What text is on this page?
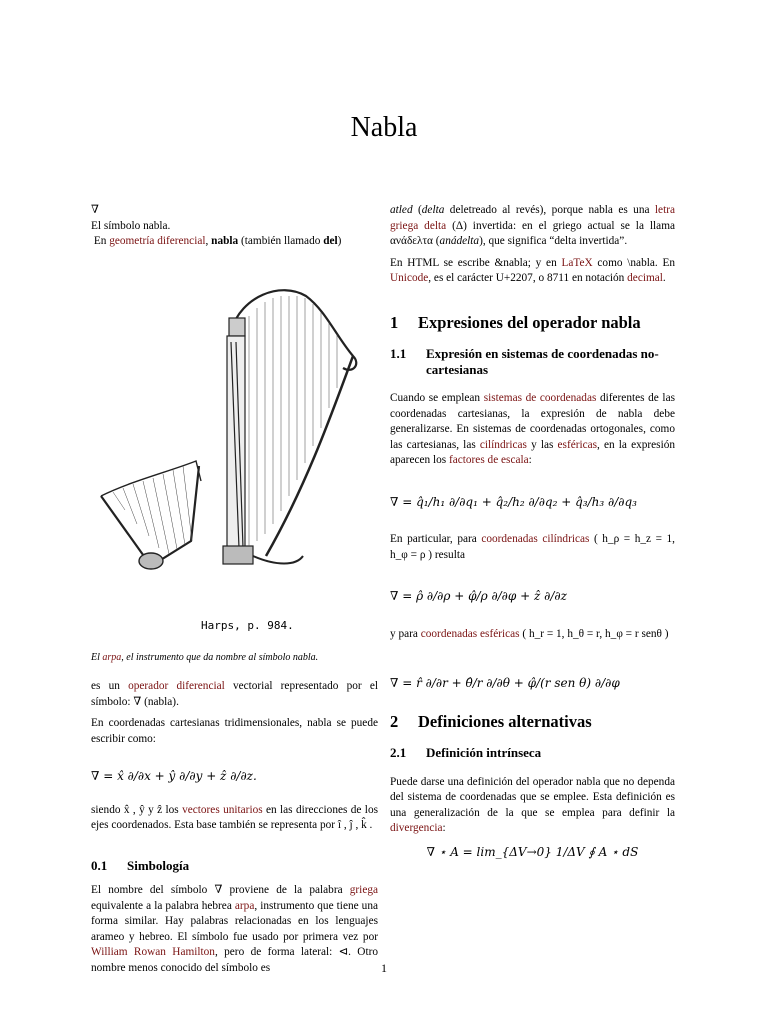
Nabla
∇
El símbolo nabla.
En geometría diferencial, nabla (también llamado del)
Harps, p. 984.
El arpa, el instrumento que da nombre al símbolo nabla.

es un operador diferencial vectorial representado por el símbolo: ∇ (nabla).

En coordenadas cartesianas tridimensionales, nabla se puede escribir como:

∇ = x̂ ∂/∂x + ŷ ∂/∂y + ẑ ∂/∂z.

siendo x̂ , ŷ y ẑ los vectores unitarios en las direcciones de los ejes coordenados. Esta base también se representa por î , ĵ , k̂ .

0.1 Simbología

El nombre del símbolo ∇ proviene de la palabra griega equivalente a la palabra hebrea arpa, instrumento que tiene una forma similar. Hay palabras relacionadas en los lenguajes arameo y hebreo. El símbolo fue usado por primera vez por William Rowan Hamilton, pero de forma lateral: ⊲. Otro nombre menos conocido del símbolo es

atled (delta deletreado al revés), porque nabla es una letra griega delta (Δ) invertida: en el griego actual se la llama ανάδελτα (anádelta), que significa “delta invertida”.

En HTML se escribe &nabla; y en LaTeX como \nabla. En Unicode, es el carácter U+2207, o 8711 en notación decimal.

1 Expresiones del operador nabla
1.1 Expresión en sistemas de coordenadas no-cartesianas

Cuando se emplean sistemas de coordenadas diferentes de las coordenadas cartesianas, la expresión de nabla debe generalizarse. En sistemas de coordenadas ortogonales, como las cartesianas, las cilíndricas y las esféricas, en la expresión aparecen los factores de escala:

∇ = q̂₁/h₁ ∂/∂q₁ + q̂₂/h₂ ∂/∂q₂ + q̂₃/h₃ ∂/∂q₃

En particular, para coordenadas cilíndricas ( h_ρ = h_z = 1, h_φ = ρ ) resulta

∇ = ρ̂ ∂/∂ρ + φ̂/ρ ∂/∂φ + ẑ ∂/∂z

y para coordenadas esféricas ( h_r = 1, h_θ = r, h_φ = r senθ )

∇ = r̂ ∂/∂r + θ̂/r ∂/∂θ + φ̂/(r sen θ) ∂/∂φ
2 Definiciones alternativas
2.1 Definición intrínseca

Puede darse una definición del operador nabla que no dependa del sistema de coordenadas que se emplee. Esta definición es una generalización de la que se emplea para definir la divergencia:

∇ ⋆ A = lim_{ΔV→0} 1/ΔV ∮ A ⋆ dS
1
